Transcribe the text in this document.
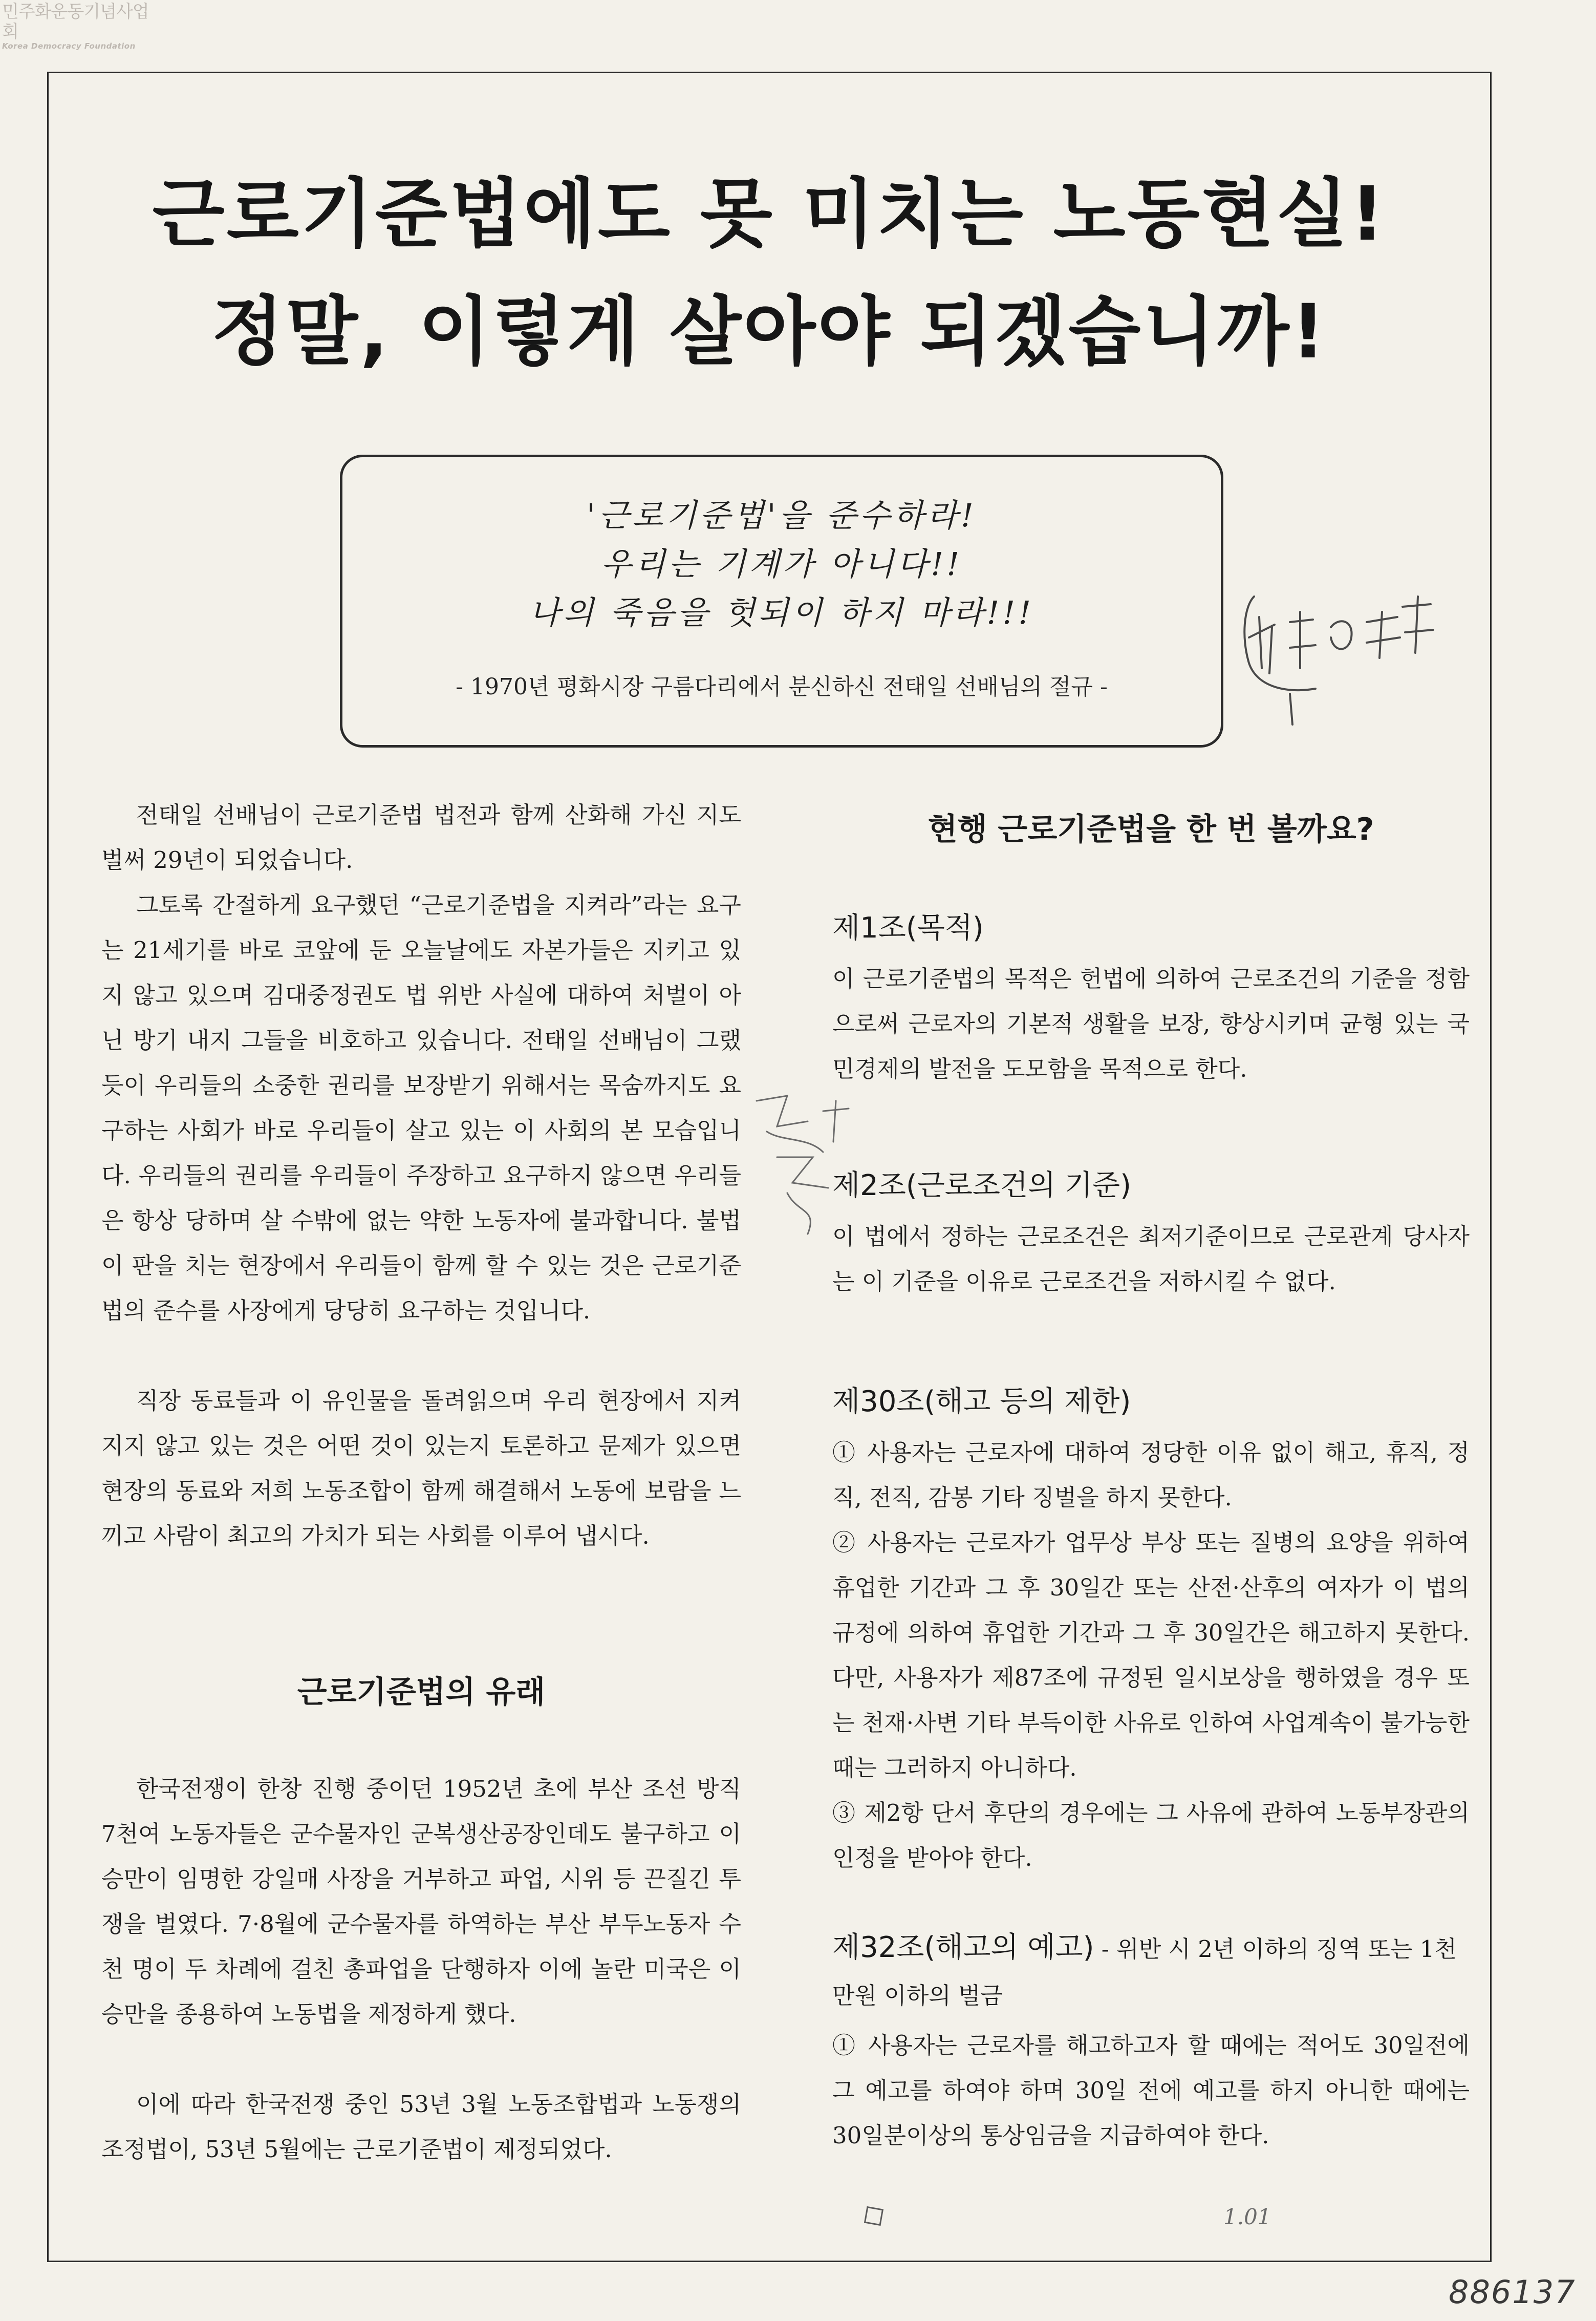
민주화운동기념사업회
Korea Democracy Foundation
근로기준법에도 못 미치는 노동현실!
정말, 이렇게 살아야 되겠습니까!
'근로기준법'을 준수하라!
우리는 기계가 아니다!!
나의 죽음을 헛되이 하지 마라!!!
- 1970년 평화시장 구름다리에서 분신하신 전태일 선배님의 절규 -

전태일 선배님이 근로기준법 법전과 함께 산화해 가신 지도 벌써 29년이 되었습니다.

그토록 간절하게 요구했던 “근로기준법을 지켜라”라는 요구는 21세기를 바로 코앞에 둔 오늘날에도 자본가들은 지키고 있지 않고 있으며 김대중정권도 법 위반 사실에 대하여 처벌이 아닌 방기 내지 그들을 비호하고 있습니다. 전태일 선배님이 그랬듯이 우리들의 소중한 권리를 보장받기 위해서는 목숨까지도 요구하는 사회가 바로 우리들이 살고 있는 이 사회의 본 모습입니다. 우리들의 권리를 우리들이 주장하고 요구하지 않으면 우리들은 항상 당하며 살 수밖에 없는 약한 노동자에 불과합니다. 불법이 판을 치는 현장에서 우리들이 함께 할 수 있는 것은 근로기준법의 준수를 사장에게 당당히 요구하는 것입니다.

직장 동료들과 이 유인물을 돌려읽으며 우리 현장에서 지켜지지 않고 있는 것은 어떤 것이 있는지 토론하고 문제가 있으면 현장의 동료와 저희 노동조합이 함께 해결해서 노동에 보람을 느끼고 사람이 최고의 가치가 되는 사회를 이루어 냅시다.

근로기준법의 유래

한국전쟁이 한창 진행 중이던 1952년 초에 부산 조선 방직 7천여 노동자들은 군수물자인 군복생산공장인데도 불구하고 이승만이 임명한 강일매 사장을 거부하고 파업, 시위 등 끈질긴 투쟁을 벌였다. 7·8월에 군수물자를 하역하는 부산 부두노동자 수천 명이 두 차례에 걸친 총파업을 단행하자 이에 놀란 미국은 이승만을 종용하여 노동법을 제정하게 했다.

이에 따라 한국전쟁 중인 53년 3월 노동조합법과 노동쟁의조정법이, 53년 5월에는 근로기준법이 제정되었다.

현행 근로기준법을 한 번 볼까요?
제1조(목적)

이 근로기준법의 목적은 헌법에 의하여 근로조건의 기준을 정함으로써 근로자의 기본적 생활을 보장, 향상시키며 균형 있는 국민경제의 발전을 도모함을 목적으로 한다.

제2조(근로조건의 기준)

이 법에서 정하는 근로조건은 최저기준이므로 근로관계 당사자는 이 기준을 이유로 근로조건을 저하시킬 수 없다.

제30조(해고 등의 제한)

① 사용자는 근로자에 대하여 정당한 이유 없이 해고, 휴직, 정직, 전직, 감봉 기타 징벌을 하지 못한다.

② 사용자는 근로자가 업무상 부상 또는 질병의 요양을 위하여 휴업한 기간과 그 후 30일간 또는 산전·산후의 여자가 이 법의 규정에 의하여 휴업한 기간과 그 후 30일간은 해고하지 못한다. 다만, 사용자가 제87조에 규정된 일시보상을 행하였을 경우 또는 천재·사변 기타 부득이한 사유로 인하여 사업계속이 불가능한 때는 그러하지 아니하다.

③ 제2항 단서 후단의 경우에는 그 사유에 관하여 노동부장관의 인정을 받아야 한다.

제32조(해고의 예고) - 위반 시 2년 이하의 징역 또는 1천 만원 이하의 벌금

① 사용자는 근로자를 해고하고자 할 때에는 적어도 30일전에 그 예고를 하여야 하며 30일 전에 예고를 하지 아니한 때에는 30일분이상의 통상임금을 지급하여야 한다.

1.01
886137
